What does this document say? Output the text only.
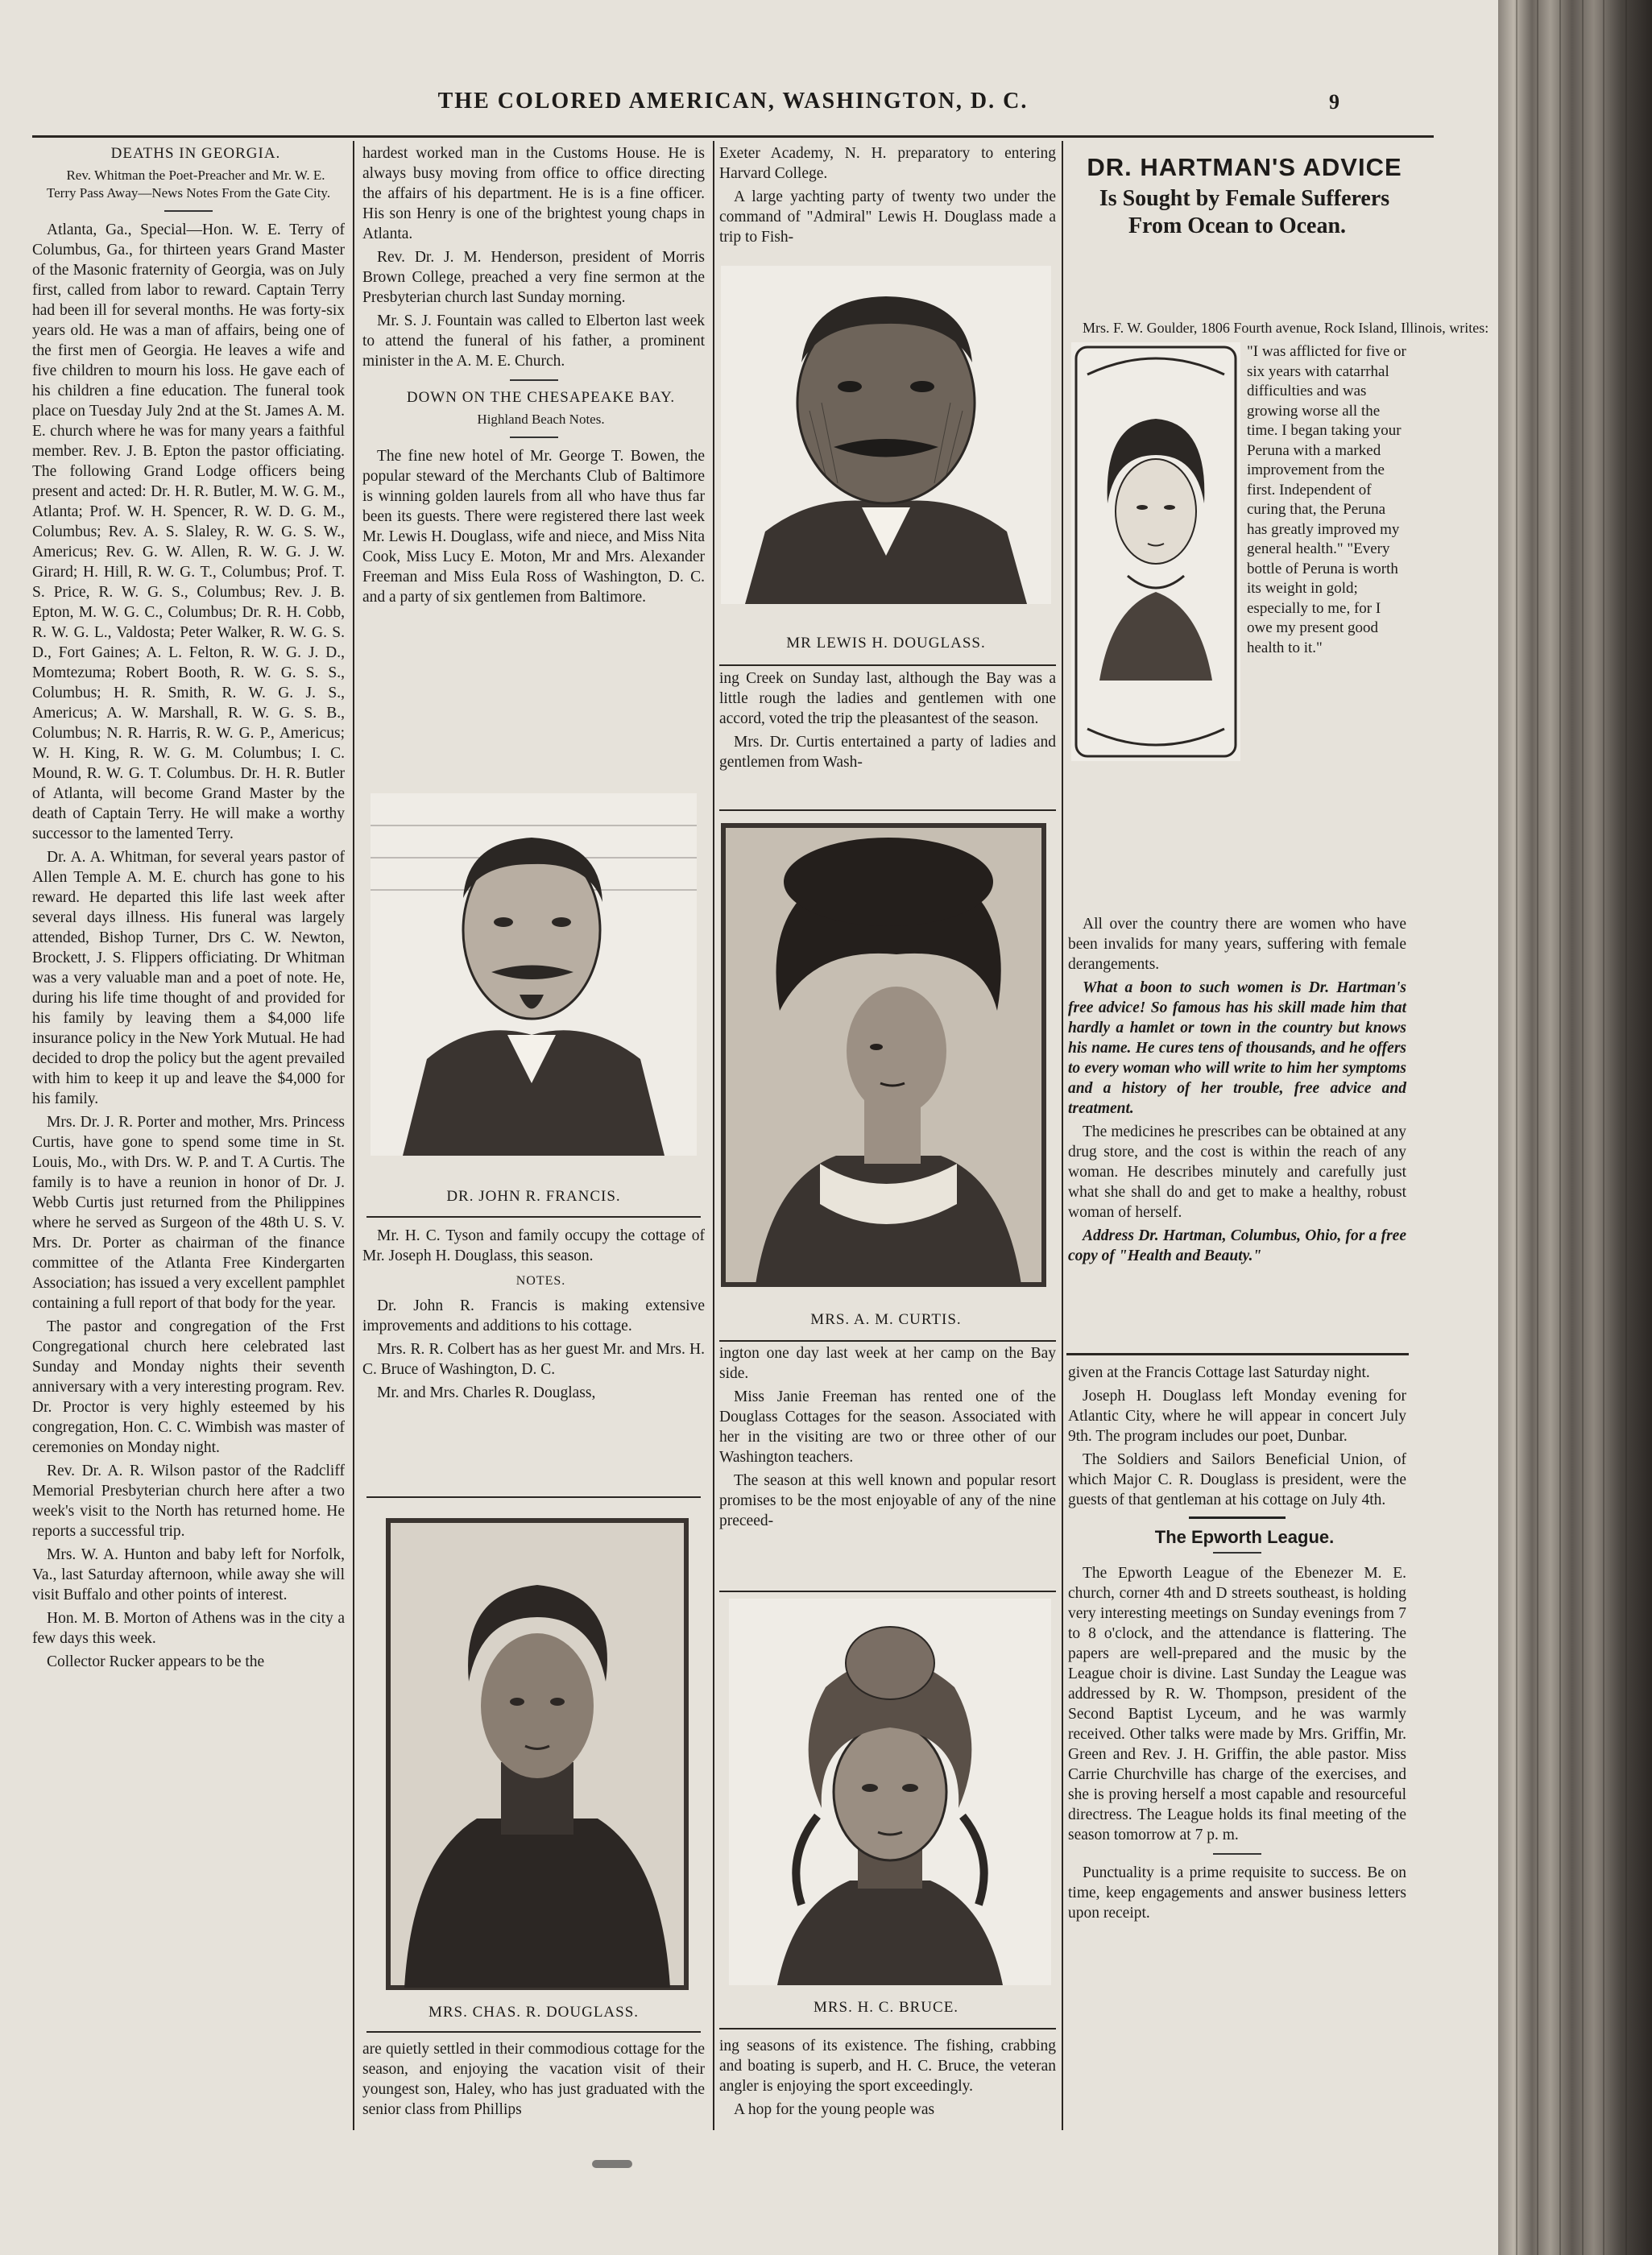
THE COLORED AMERICAN, WASHINGTON, D. C.	9

DEATHS IN GEORGIA.

Rev. Whitman the Poet-Preacher and Mr. W. E. Terry Pass Away—News Notes From the Gate City.

Atlanta, Ga., Special—Hon. W. E. Terry of Columbus, Ga., for thirteen years Grand Master of the Masonic fraternity of Georgia, was on July first, called from labor to reward. Captain Terry had been ill for several months. He was forty-six years old. He was a man of affairs, being one of the first men of Georgia. He leaves a wife and five children to mourn his loss. He gave each of his children a fine education. The funeral took place on Tuesday July 2nd at the St. James A. M. E. church where he was for many years a faithful member. Rev. J. B. Epton the pastor officiating. The following Grand Lodge officers being present and acted: Dr. H. R. Butler, M. W. G. M., Atlanta; Prof. W. H. Spencer, R. W. D. G. M., Columbus; Rev. A. S. Slaley, R. W. G. S. W., Americus; Rev. G. W. Allen, R. W. G. J. W. Girard; H. Hill, R. W. G. T., Columbus; Prof. T. S. Price, R. W. G. S., Columbus; Rev. J. B. Epton, M. W. G. C., Columbus; Dr. R. H. Cobb, R. W. G. L., Valdosta; Peter Walker, R. W. G. S. D., Fort Gaines; A. L. Felton, R. W. G. J. D., Momtezuma; Robert Booth, R. W. G. S. S., Columbus; H. R. Smith, R. W. G. J. S., Americus; A. W. Marshall, R. W. G. S. B., Columbus; N. R. Harris, R. W. G. P., Americus; W. H. King, R. W. G. M. Columbus; I. C. Mound, R. W. G. T. Columbus. Dr. H. R. Butler of Atlanta, will become Grand Master by the death of Captain Terry. He will make a worthy successor to the lamented Terry.

Dr. A. A. Whitman, for several years pastor of Allen Temple A. M. E. church has gone to his reward. He departed this life last week after several days illness. His funeral was largely attended, Bishop Turner, Drs C. W. Newton, Brockett, J. S. Flippers officiating. Dr Whitman was a very valuable man and a poet of note. He, during his life time thought of and provided for his family by leaving them a $4,000 life insurance policy in the New York Mutual. He had decided to drop the policy but the agent prevailed with him to keep it up and leave the $4,000 for his family.

Mrs. Dr. J. R. Porter and mother, Mrs. Princess Curtis, have gone to spend some time in St. Louis, Mo., with Drs. W. P. and T. A Curtis. The family is to have a reunion in honor of Dr. J. Webb Curtis just returned from the Philippines where he served as Surgeon of the 48th U. S. V. Mrs. Dr. Porter as chairman of the finance committee of the Atlanta Free Kindergarten Association; has issued a very excellent pamphlet containing a full report of that body for the year.

The pastor and congregation of the Frst Congregational church here celebrated last Sunday and Monday nights their seventh anniversary with a very interesting program. Rev. Dr. Proctor is very highly esteemed by his congregation, Hon. C. C. Wimbish was master of ceremonies on Monday night.

Rev. Dr. A. R. Wilson pastor of the Radcliff Memorial Presbyterian church here after a two week's visit to the North has returned home. He reports a successful trip.

Mrs. W. A. Hunton and baby left for Norfolk, Va., last Saturday afternoon, while away she will visit Buffalo and other points of interest.

Hon. M. B. Morton of Athens was in the city a few days this week.

Collector Rucker appears to be the

hardest worked man in the Customs House. He is always busy moving from office to office directing the affairs of his department. He is is a fine officer. His son Henry is one of the brightest young chaps in Atlanta.

Rev. Dr. J. M. Henderson, president of Morris Brown College, preached a very fine sermon at the Presbyterian church last Sunday morning.

Mr. S. J. Fountain was called to Elberton last week to attend the funeral of his father, a prominent minister in the A. M. E. Church.

DOWN ON THE CHESAPEAKE BAY.

Highland Beach Notes.

The fine new hotel of Mr. George T. Bowen, the popular steward of the Merchants Club of Baltimore is winning golden laurels from all who have thus far been its guests. There were registered there last week Mr. Lewis H. Douglass, wife and niece, and Miss Nita Cook, Miss Lucy E. Moton, Mr and Mrs. Alexander Freeman and Miss Eula Ross of Washington, D. C. and a party of six gentlemen from Baltimore.

DR. JOHN R. FRANCIS.

Mr. H. C. Tyson and family occupy the cottage of Mr. Joseph H. Douglass, this season.

NOTES.

Dr. John R. Francis is making extensive improvements and additions to his cottage.

Mrs. R. R. Colbert has as her guest Mr. and Mrs. H. C. Bruce of Washington, D. C.

Mr. and Mrs. Charles R. Douglass,

MRS. CHAS. R. DOUGLASS.

are quietly settled in their commodious cottage for the season, and enjoying the vacation visit of their youngest son, Haley, who has just graduated with the senior class from Phillips

Exeter Academy, N. H. preparatory to entering Harvard College.

A large yachting party of twenty two under the command of "Admiral" Lewis H. Douglass made a trip to Fish-

MR LEWIS H. DOUGLASS.

ing Creek on Sunday last, although the Bay was a little rough the ladies and gentlemen with one accord, voted the trip the pleasantest of the season.

Mrs. Dr. Curtis entertained a party of ladies and gentlemen from Wash-

MRS. A. M. CURTIS.

ington one day last week at her camp on the Bay side.

Miss Janie Freeman has rented one of the Douglass Cottages for the season. Associated with her in the visiting are two or three other of our Washington teachers.

The season at this well known and popular resort promises to be the most enjoyable of any of the nine preceed-

MRS. H. C. BRUCE.

ing seasons of its existence. The fishing, crabbing and boating is superb, and H. C. Bruce, the veteran angler is enjoying the sport exceedingly.

A hop for the young people was

DR. HARTMAN'S ADVICE

Is Sought by Female Sufferers From Ocean to Ocean.

Mrs. F. W. Goulder, 1806 Fourth avenue, Rock Island, Illinois, writes:

"I was afflicted for five or six years with catarrhal difficulties and was growing worse all the time. I began taking your Peruna with a marked improvement from the first. Independent of curing that, the Peruna has greatly improved my general health." "Every bottle of Peruna is worth its weight in gold; especially to me, for I owe my present good health to it."

All over the country there are women who have been invalids for many years, suffering with female derangements.

What a boon to such women is Dr. Hartman's free advice! So famous has his skill made him that hardly a hamlet or town in the country but knows his name. He cures tens of thousands, and he offers to every woman who will write to him her symptoms and a history of her trouble, free advice and treatment.

The medicines he prescribes can be obtained at any drug store, and the cost is within the reach of any woman. He describes minutely and carefully just what she shall do and get to make a healthy, robust woman of herself.

Address Dr. Hartman, Columbus, Ohio, for a free copy of "Health and Beauty."

given at the Francis Cottage last Saturday night.

Joseph H. Douglass left Monday evening for Atlantic City, where he will appear in concert July 9th. The program includes our poet, Dunbar.

The Soldiers and Sailors Beneficial Union, of which Major C. R. Douglass is president, were the guests of that gentleman at his cottage on July 4th.

The Epworth League.

The Epworth League of the Ebenezer M. E. church, corner 4th and D streets southeast, is holding very interesting meetings on Sunday evenings from 7 to 8 o'clock, and the attendance is flattering. The papers are well-prepared and the music by the League choir is divine. Last Sunday the League was addressed by R. W. Thompson, president of the Second Baptist Lyceum, and he was warmly received. Other talks were made by Mrs. Griffin, Mr. Green and Rev. J. H. Griffin, the able pastor. Miss Carrie Churchville has charge of the exercises, and she is proving herself a most capable and resourceful directress. The League holds its final meeting of the season tomorrow at 7 p. m.

Punctuality is a prime requisite to success. Be on time, keep engagements and answer business letters upon receipt.
